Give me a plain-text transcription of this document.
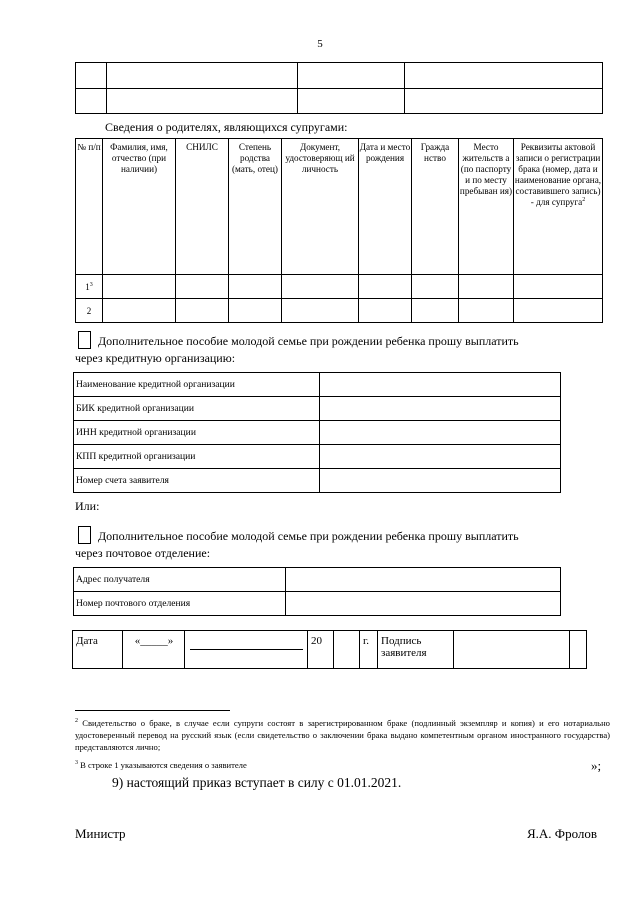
5

Сведения о родителях, являющихся супругами:
№ п/п	Фамилия, имя, отчество (при наличии)	СНИЛС	Степень родства (мать, отец)	Документ, удостоверяющ ий личность	Дата и место рождения	Гражда нство	Место жительств а (по паспорту и по месту пребыван ия)	Реквизиты актовой записи о регистрации брака (номер, дата и наименование органа, составившего запись) - для супруга$^2$
$1^3$								
2								
Дополнительное пособие молодой семье при рождении ребенка прошу выплатить
через кредитную организацию:
Наименование кредитной организации	
БИК кредитной организации	
ИНН кредитной организации	
КПП кредитной организации	
Номер счета заявителя	
Или:
Дополнительное пособие молодой семье при рождении ребенка прошу выплатить
через почтовое отделение:
Адрес получателя	
Номер почтового отделения	
Дата	«_____»		20		г.	Подпись заявителя		
$^2$ Свидетельство о браке, в случае если супруги состоят в зарегистрированном браке (подлинный экземпляр и копия) и его нотариально удостоверенный перевод на русский язык (если свидетельство о заключении брака выдано компетентным органом иностранного государства) представляются лично;
$^3$ В строке 1 указываются сведения о заявителе	»;
9) настоящий приказ вступает в силу с 01.01.2021.
Министр	Я.А. Фролов
